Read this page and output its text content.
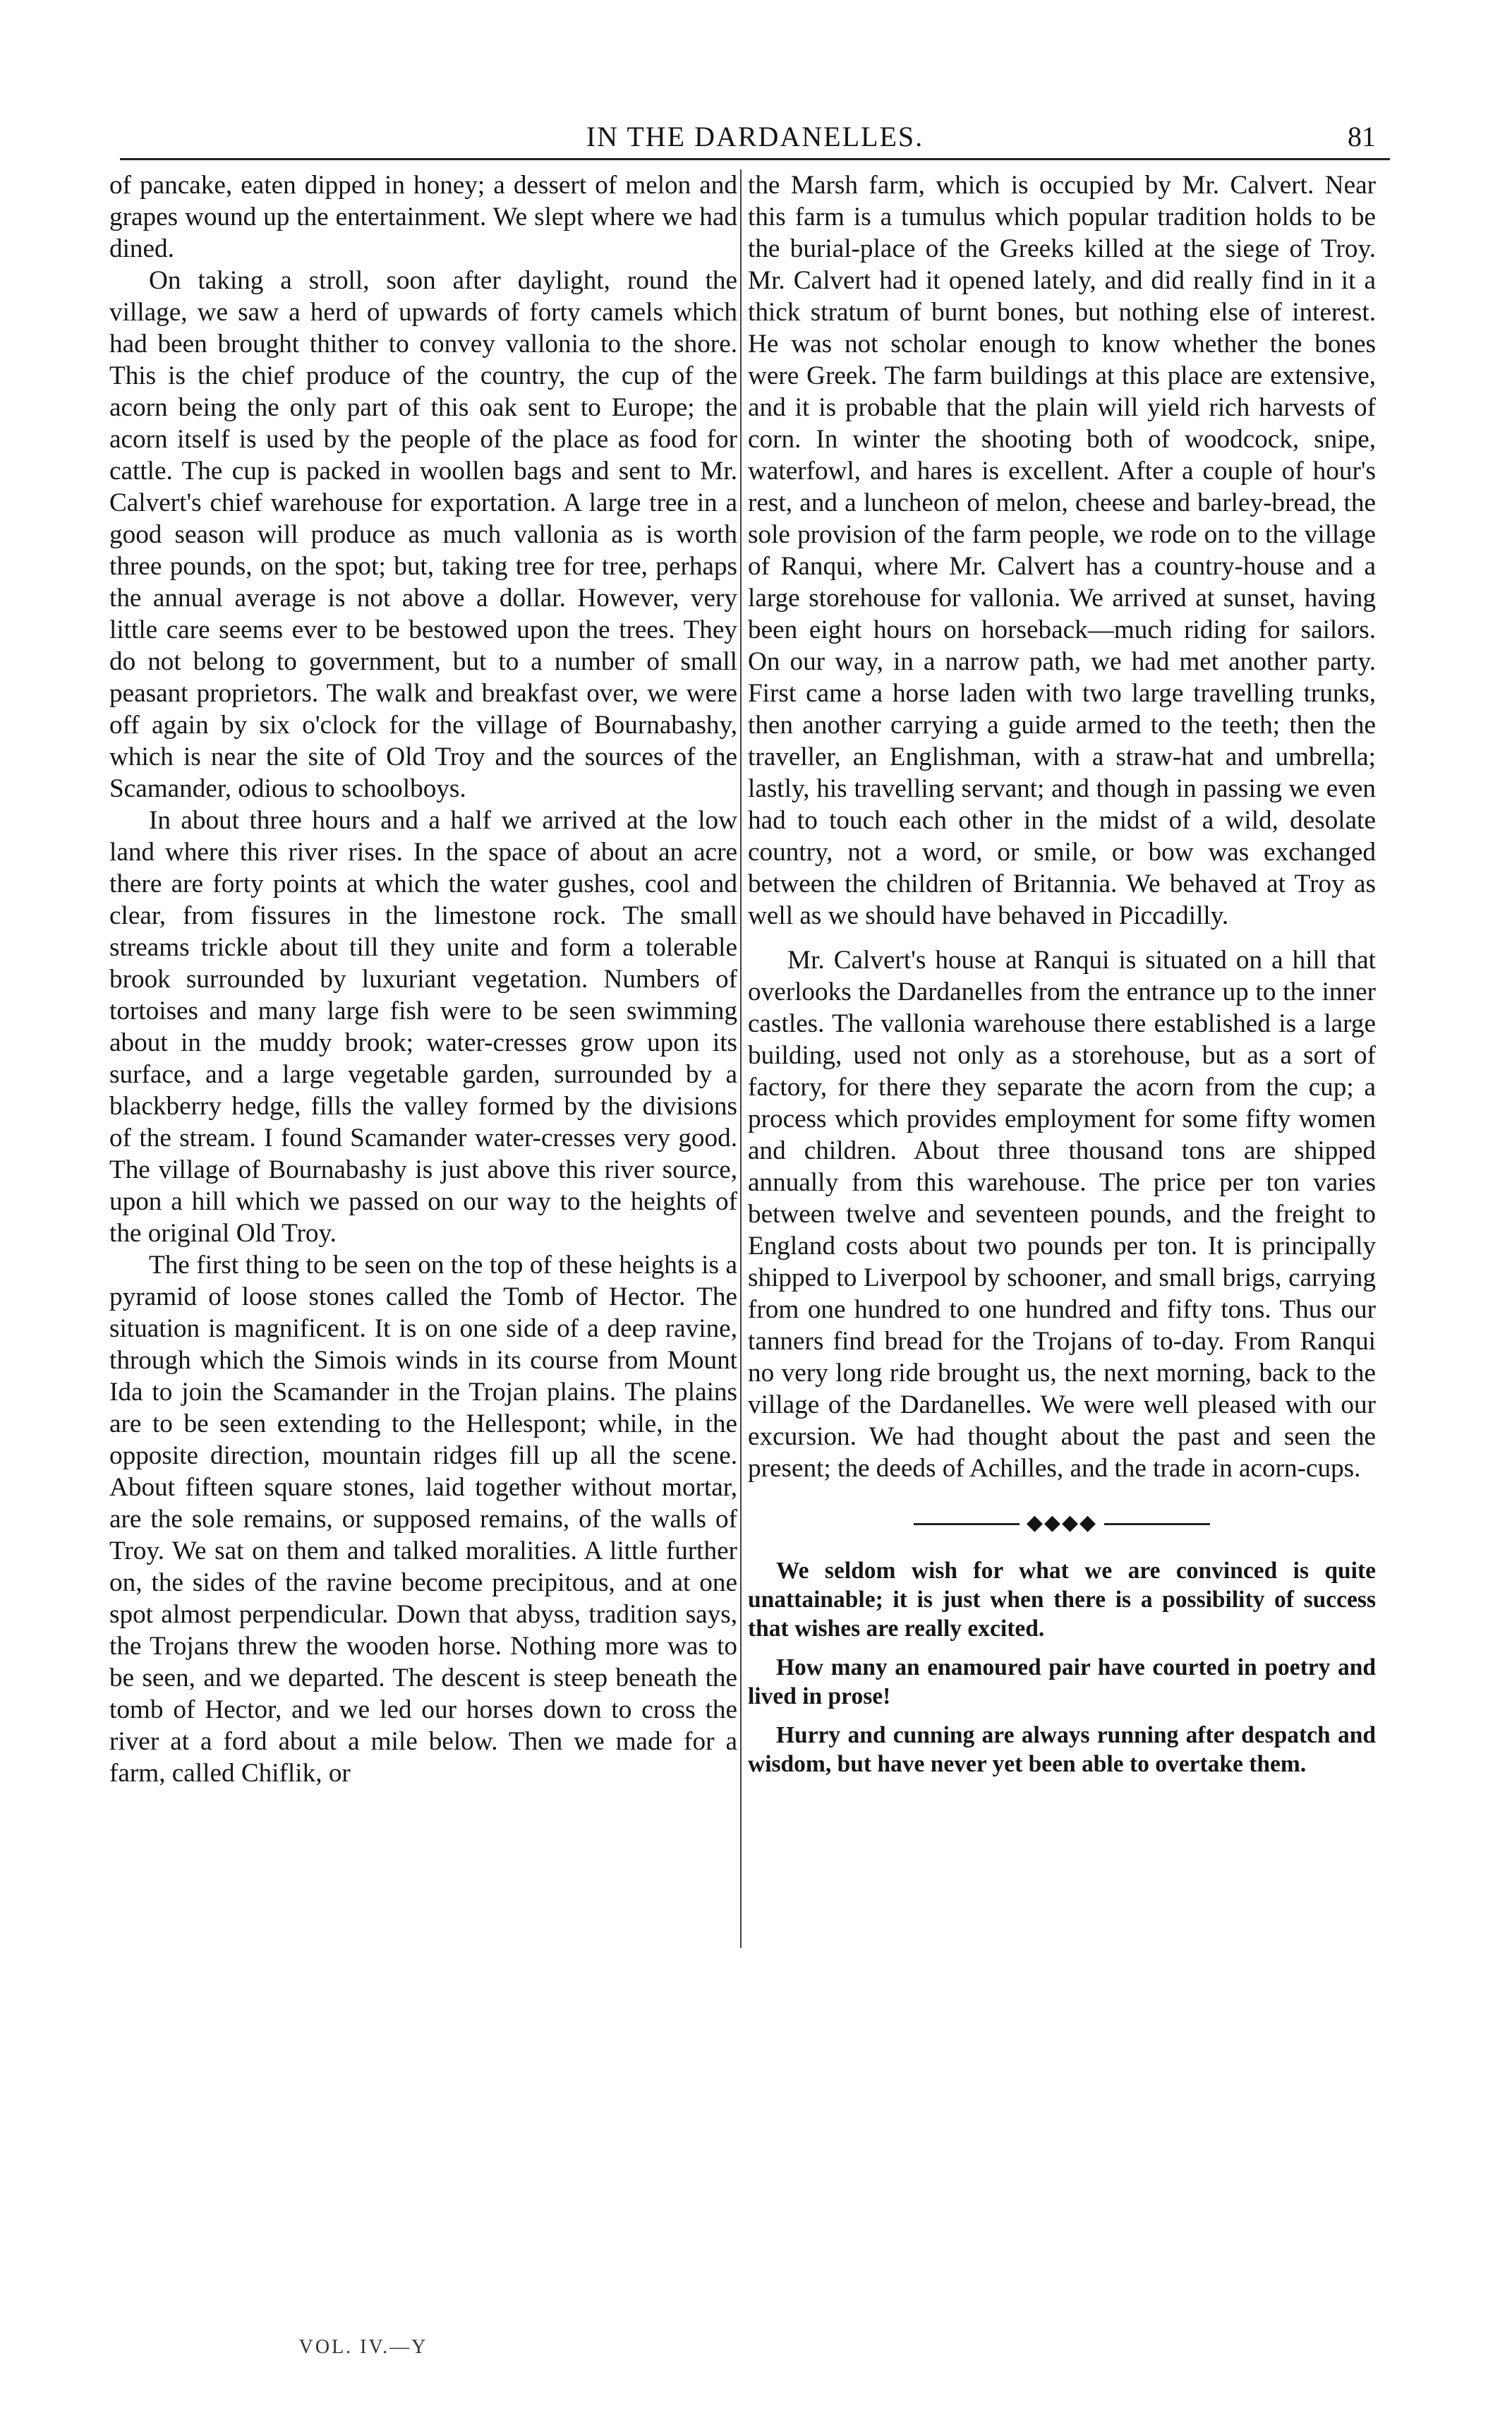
IN THE DARDANELLES.	81

of pancake, eaten dipped in honey; a dessert of melon and grapes wound up the entertainment. We slept where we had dined.

On taking a stroll, soon after daylight, round the village, we saw a herd of upwards of forty camels which had been brought thither to convey vallonia to the shore. This is the chief produce of the country, the cup of the acorn being the only part of this oak sent to Europe; the acorn itself is used by the people of the place as food for cattle. The cup is packed in woollen bags and sent to Mr. Calvert's chief warehouse for exportation. A large tree in a good season will produce as much vallonia as is worth three pounds, on the spot; but, taking tree for tree, perhaps the annual average is not above a dollar. However, very little care seems ever to be bestowed upon the trees. They do not belong to government, but to a number of small peasant proprietors. The walk and breakfast over, we were off again by six o'clock for the village of Bournabashy, which is near the site of Old Troy and the sources of the Scamander, odious to schoolboys.

In about three hours and a half we arrived at the low land where this river rises. In the space of about an acre there are forty points at which the water gushes, cool and clear, from fissures in the limestone rock. The small streams trickle about till they unite and form a tolerable brook surrounded by luxuriant vegetation. Numbers of tortoises and many large fish were to be seen swimming about in the muddy brook; water-cresses grow upon its surface, and a large vegetable garden, surrounded by a blackberry hedge, fills the valley formed by the divisions of the stream. I found Scamander water-cresses very good. The village of Bournabashy is just above this river source, upon a hill which we passed on our way to the heights of the original Old Troy.

The first thing to be seen on the top of these heights is a pyramid of loose stones called the Tomb of Hector. The situation is magnificent. It is on one side of a deep ravine, through which the Simois winds in its course from Mount Ida to join the Scamander in the Trojan plains. The plains are to be seen extending to the Hellespont; while, in the opposite direction, mountain ridges fill up all the scene. About fifteen square stones, laid together without mortar, are the sole remains, or supposed remains, of the walls of Troy. We sat on them and talked moralities. A little further on, the sides of the ravine become precipitous, and at one spot almost perpendicular. Down that abyss, tradition says, the Trojans threw the wooden horse. Nothing more was to be seen, and we departed. The descent is steep beneath the tomb of Hector, and we led our horses down to cross the river at a ford about a mile below. Then we made for a farm, called Chiflik, or

the Marsh farm, which is occupied by Mr. Calvert. Near this farm is a tumulus which popular tradition holds to be the burial-place of the Greeks killed at the siege of Troy. Mr. Calvert had it opened lately, and did really find in it a thick stratum of burnt bones, but nothing else of interest. He was not scholar enough to know whether the bones were Greek. The farm buildings at this place are extensive, and it is probable that the plain will yield rich harvests of corn. In winter the shooting both of woodcock, snipe, waterfowl, and hares is excellent. After a couple of hour's rest, and a luncheon of melon, cheese and barley-bread, the sole provision of the farm people, we rode on to the village of Ranqui, where Mr. Calvert has a country-house and a large storehouse for vallonia. We arrived at sunset, having been eight hours on horseback—much riding for sailors. On our way, in a narrow path, we had met another party. First came a horse laden with two large travelling trunks, then another carrying a guide armed to the teeth; then the traveller, an Englishman, with a straw-hat and umbrella; lastly, his travelling servant; and though in passing we even had to touch each other in the midst of a wild, desolate country, not a word, or smile, or bow was exchanged between the children of Britannia. We behaved at Troy as well as we should have behaved in Piccadilly.

Mr. Calvert's house at Ranqui is situated on a hill that overlooks the Dardanelles from the entrance up to the inner castles. The vallonia warehouse there established is a large building, used not only as a storehouse, but as a sort of factory, for there they separate the acorn from the cup; a process which provides employment for some fifty women and children. About three thousand tons are shipped annually from this warehouse. The price per ton varies between twelve and seventeen pounds, and the freight to England costs about two pounds per ton. It is principally shipped to Liverpool by schooner, and small brigs, carrying from one hundred to one hundred and fifty tons. Thus our tanners find bread for the Trojans of to-day. From Ranqui no very long ride brought us, the next morning, back to the village of the Dardanelles. We were well pleased with our excursion. We had thought about the past and seen the present; the deeds of Achilles, and the trade in acorn-cups.

◆◆◆◆

We seldom wish for what we are convinced is quite unattainable; it is just when there is a possibility of success that wishes are really excited.

How many an enamoured pair have courted in poetry and lived in prose!

Hurry and cunning are always running after despatch and wisdom, but have never yet been able to overtake them.

VOL. IV.—Y
